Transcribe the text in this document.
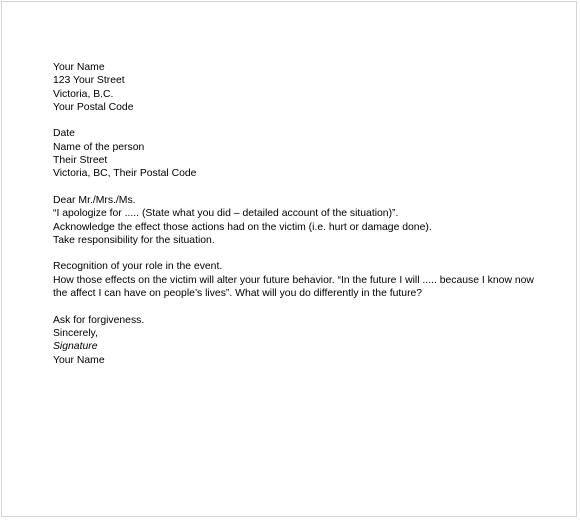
Your Name

123 Your Street

Victoria, B.C.

Your Postal Code

Date

Name of the person

Their Street

Victoria, BC, Their Postal Code

Dear Mr./Mrs./Ms.

“I apologize for ..... (State what you did – detailed account of the situation)”.

Acknowledge the effect those actions had on the victim (i.e. hurt or damage done).

Take responsibility for the situation.

Recognition of your role in the event.

How those effects on the victim will alter your future behavior. “In the future I will ..... because I know now

the affect I can have on people’s lives”. What will you do differently in the future?

Ask for forgiveness.

Sincerely,

Signature

Your Name
